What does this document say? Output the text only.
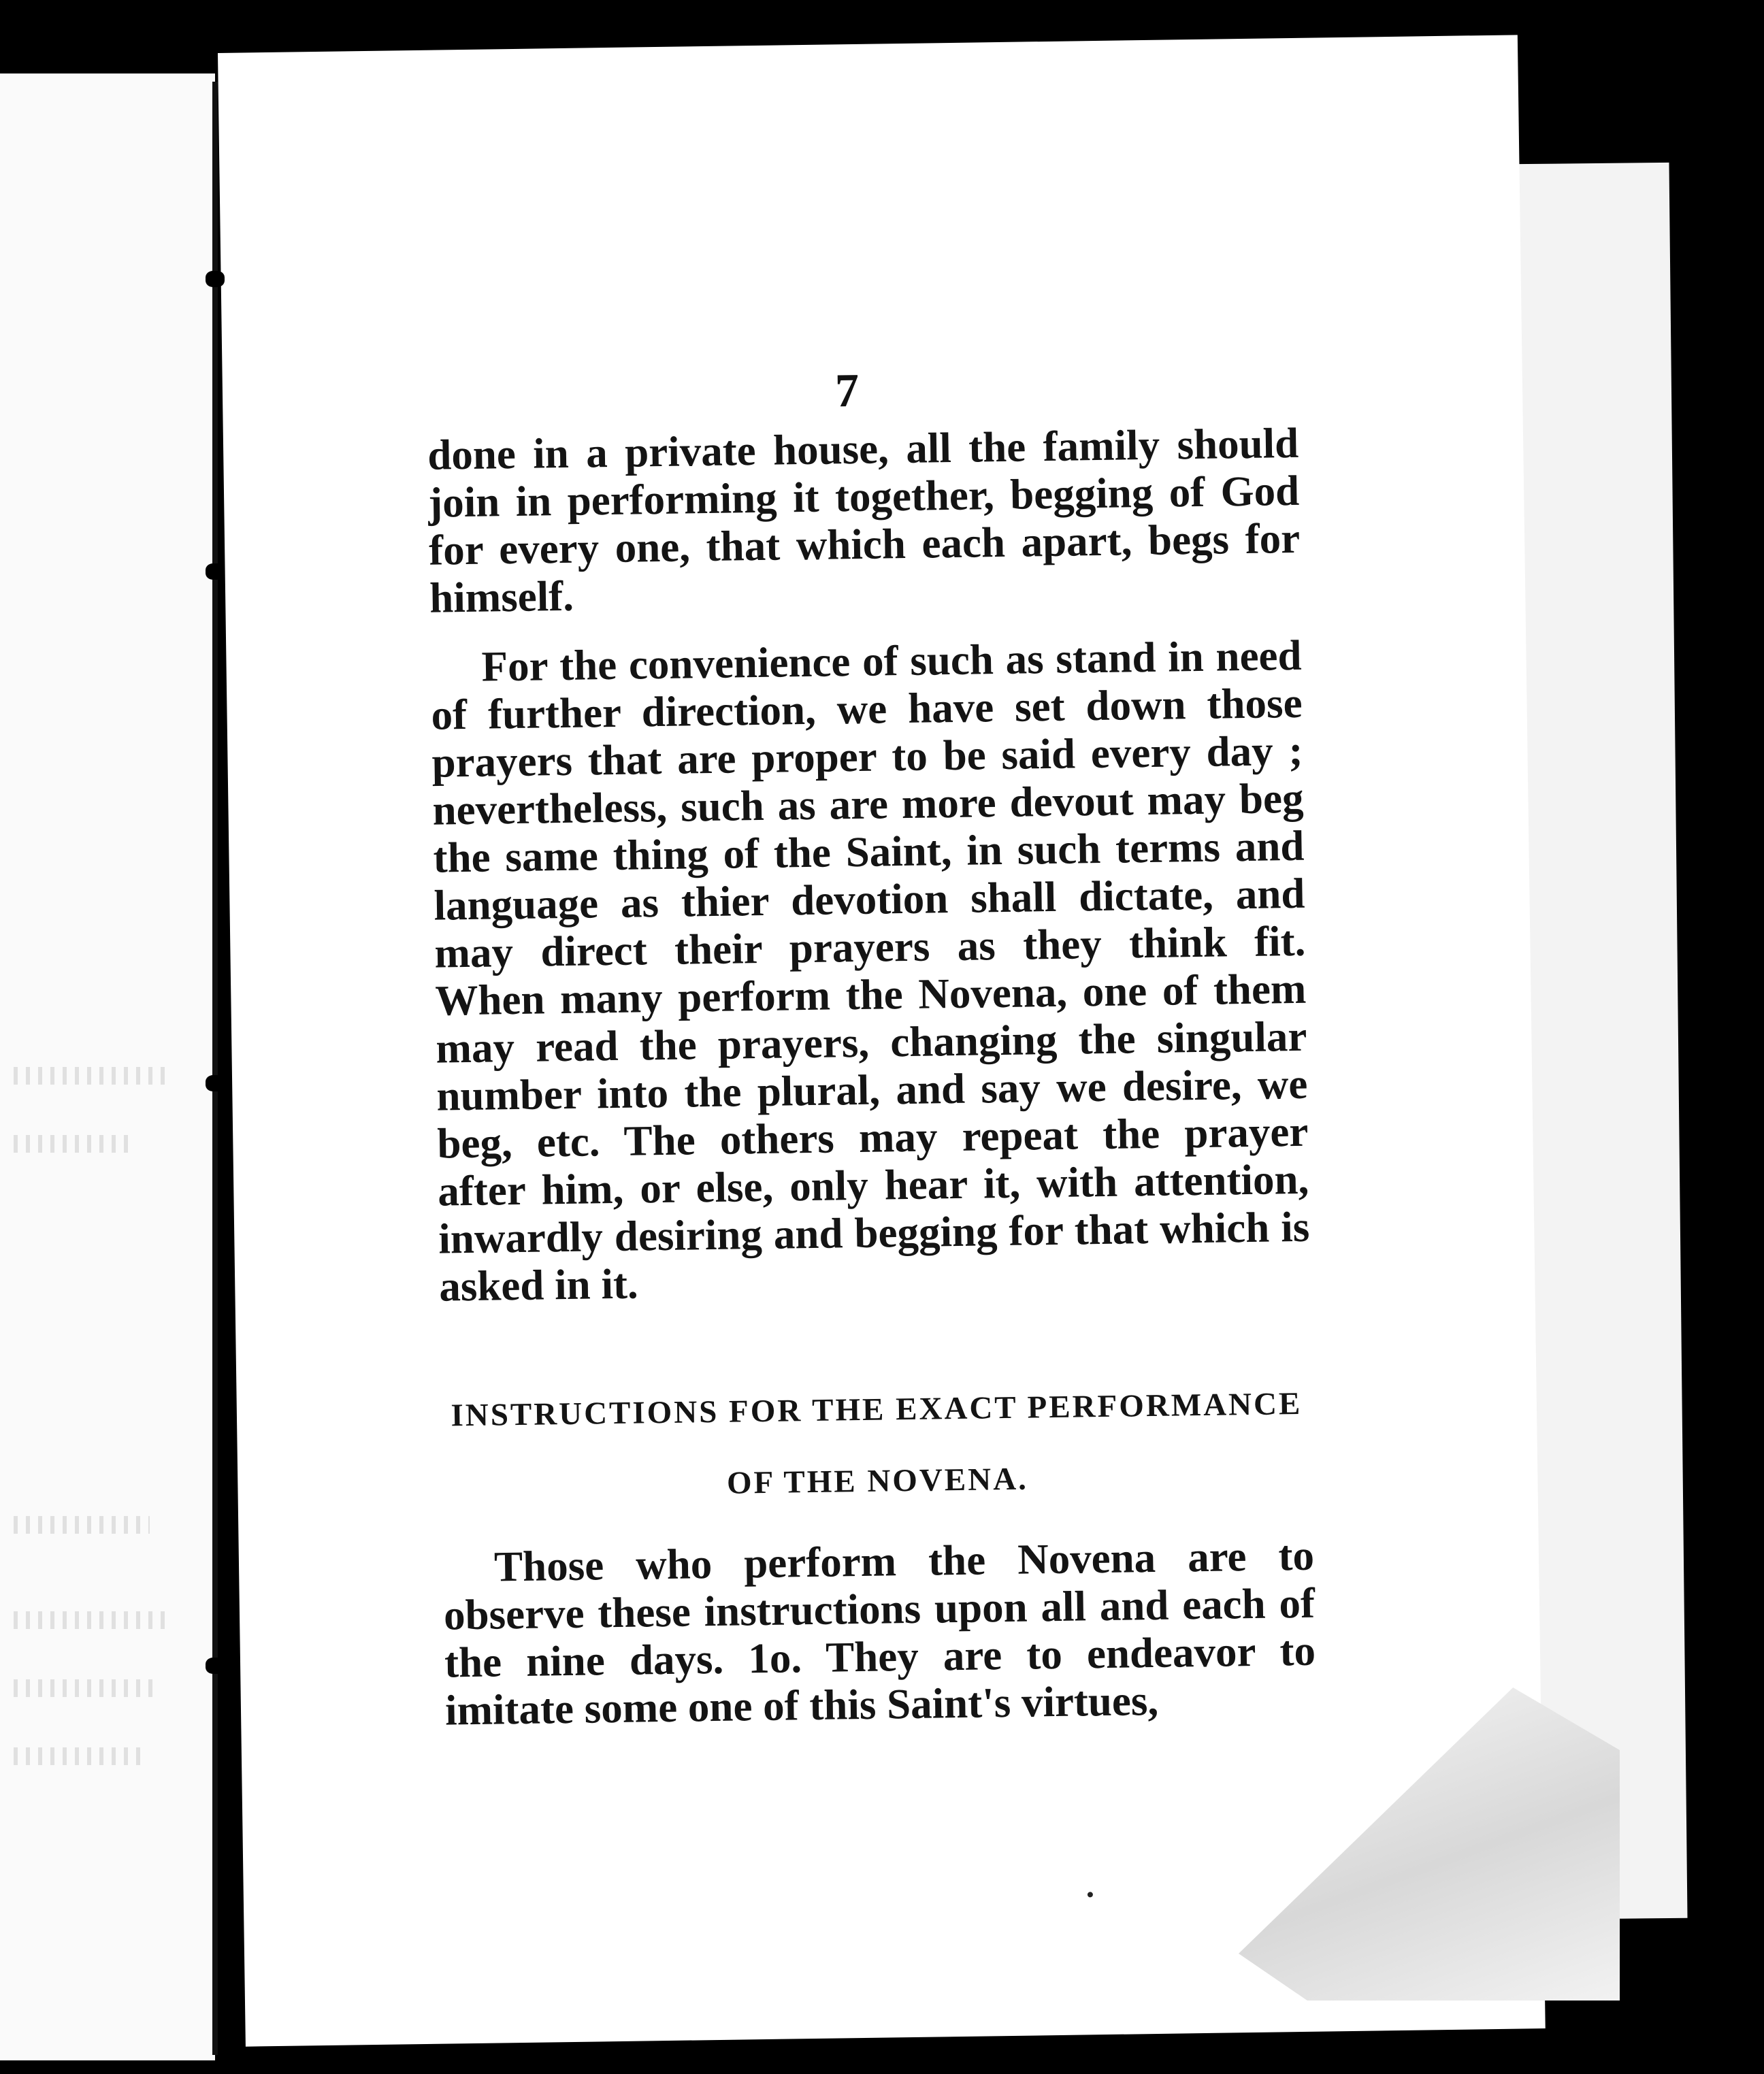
7

done in a private house, all the family should join in performing it together, begging of God for every one, that which each apart, begs for himself.

For the convenience of such as stand in need of further direction, we have set down those prayers that are proper to be said every day ; nevertheless, such as are more devout may beg the same thing of the Saint, in such terms and language as thier devotion shall dictate, and may direct their prayers as they think fit. When many perform the Novena, one of them may read the prayers, changing the singular number into the plural, and say we desire, we beg, etc. The others may repeat the prayer after him, or else, only hear it, with attention, inwardly desiring and begging for that which is asked in it.

INSTRUCTIONS FOR THE EXACT PERFORMANCE
OF THE NOVENA.

Those who perform the Novena are to observe these instructions upon all and each of the nine days. 1o. They are to endeavor to imitate some one of this Saint's virtues,
